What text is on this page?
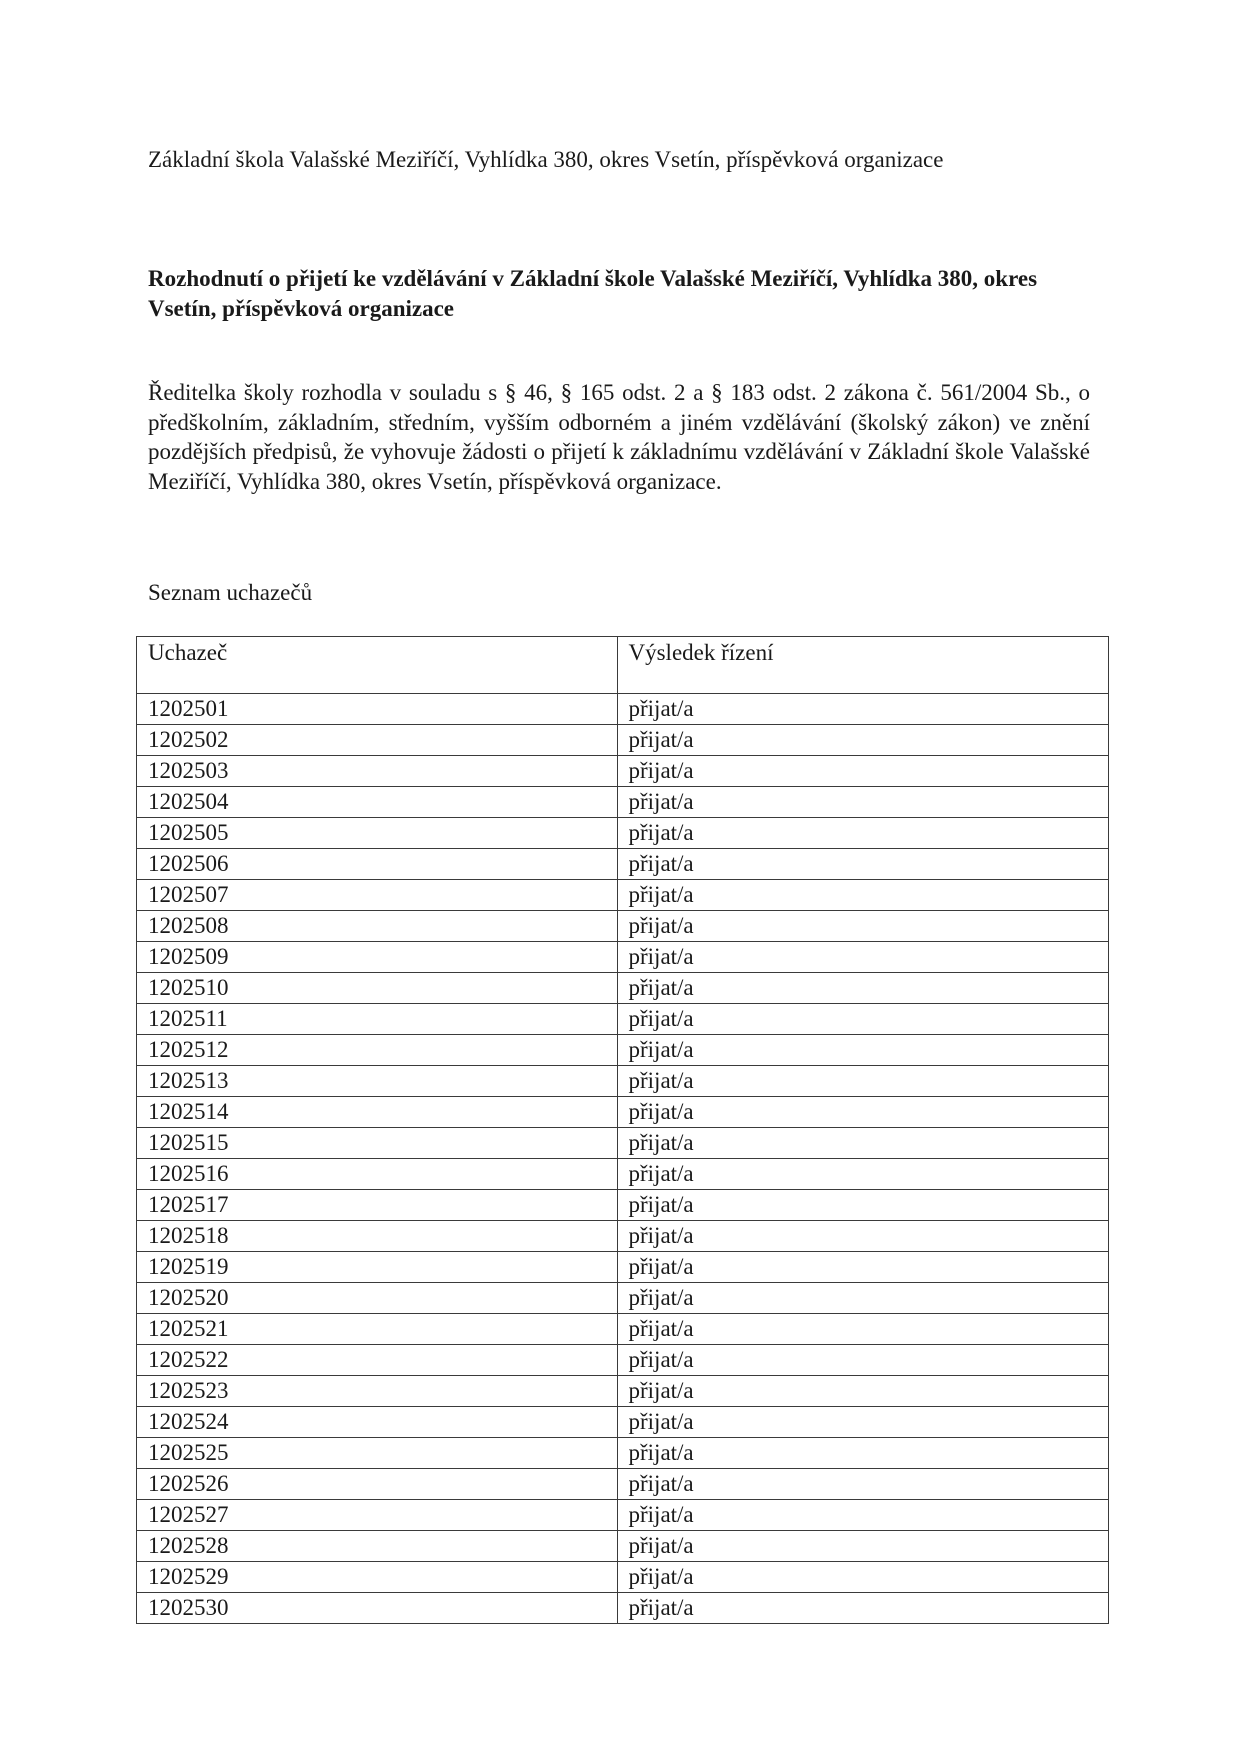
Základní škola Valašské Meziříčí, Vyhlídka 380, okres Vsetín, příspěvková organizace
Rozhodnutí o přijetí ke vzdělávání v Základní škole Valašské Meziříčí, Vyhlídka 380, okres Vsetín, příspěvková organizace
Ředitelka školy rozhodla v souladu s § 46, § 165 odst. 2 a § 183 odst. 2 zákona č. 561/2004 Sb., o předškolním, základním, středním, vyšším odborném a jiném vzdělávání (školský zákon) ve znění pozdějších předpisů, že vyhovuje žádosti o přijetí k základnímu vzdělávání v Základní škole Valašské Meziříčí, Vyhlídka 380, okres Vsetín, příspěvková organizace.
Seznam uchazečů
Uchazeč	Výsledek řízení
1202501	přijat/a
1202502	přijat/a
1202503	přijat/a
1202504	přijat/a
1202505	přijat/a
1202506	přijat/a
1202507	přijat/a
1202508	přijat/a
1202509	přijat/a
1202510	přijat/a
1202511	přijat/a
1202512	přijat/a
1202513	přijat/a
1202514	přijat/a
1202515	přijat/a
1202516	přijat/a
1202517	přijat/a
1202518	přijat/a
1202519	přijat/a
1202520	přijat/a
1202521	přijat/a
1202522	přijat/a
1202523	přijat/a
1202524	přijat/a
1202525	přijat/a
1202526	přijat/a
1202527	přijat/a
1202528	přijat/a
1202529	přijat/a
1202530	přijat/a
